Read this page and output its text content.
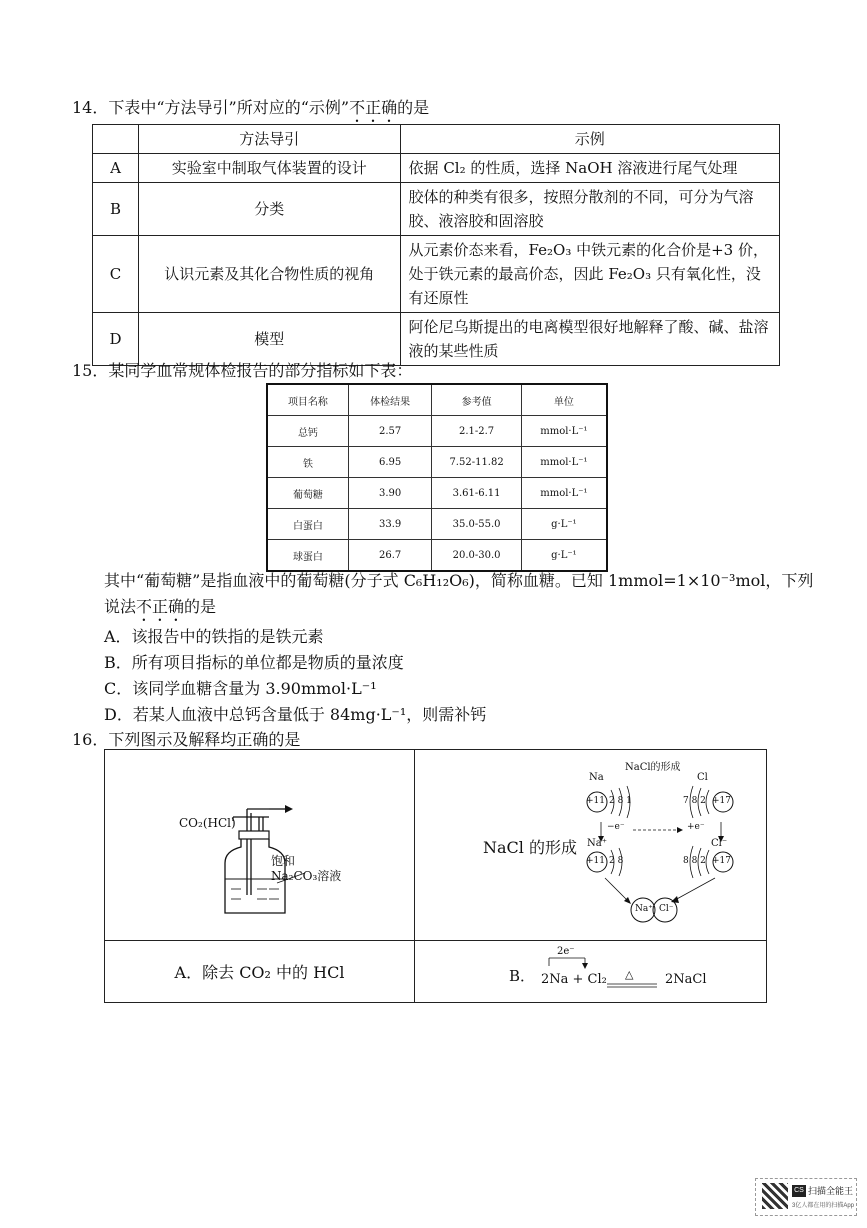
14．下表中“方法导引”所对应的“示例”不正确的是
	方法导引	示例
A	实验室中制取气体装置的设计	依据 Cl₂ 的性质，选择 NaOH 溶液进行尾气处理
B	分类	胶体的种类有很多，按照分散剂的不同，可分为气溶胶、液溶胶和固溶胶
C	认识元素及其化合物性质的视角	从元素价态来看，Fe₂O₃ 中铁元素的化合价是+3 价，处于铁元素的最高价态，因此 Fe₂O₃ 只有氧化性，没有还原性
D	模型	阿伦尼乌斯提出的电离模型很好地解释了酸、碱、盐溶液的某些性质
15．某同学血常规体检报告的部分指标如下表：
项目名称	体检结果	参考值	单位
总钙	2.57	2.1-2.7	mmol·L⁻¹
铁	6.95	7.52-11.82	mmol·L⁻¹
葡萄糖	3.90	3.61-6.11	mmol·L⁻¹
白蛋白	33.9	35.0-55.0	g·L⁻¹
球蛋白	26.7	20.0-30.0	g·L⁻¹
其中“葡萄糖”是指血液中的葡萄糖(分子式 C₆H₁₂O₆)，简称血糖。已知 1mmol=1×10⁻³mol，下列
说法不正确的是
A．该报告中的铁指的是铁元素
B．所有项目指标的单位都是物质的量浓度
C．该同学血糖含量为 3.90mmol·L⁻¹
D．若某人血液中总钙含量低于 84mg·L⁻¹，则需补钙
16．下列图示及解释均正确的是
CO₂(HCl)
饱和
Na₂CO₃溶液
A．除去 CO₂ 中的 HCl
NaCl 的形成
NaCl的形成
Na	Cl
+11	+17
2 8 1	7 8 2
−e⁻	+e⁻
Na⁺	Cl⁻
+11	+17
2 8	8 8 2
Na⁺ Cl⁻
B．
2e⁻
2Na + Cl₂ △ 2NaCl
CS 扫描全能王
3亿人都在用的扫描App
